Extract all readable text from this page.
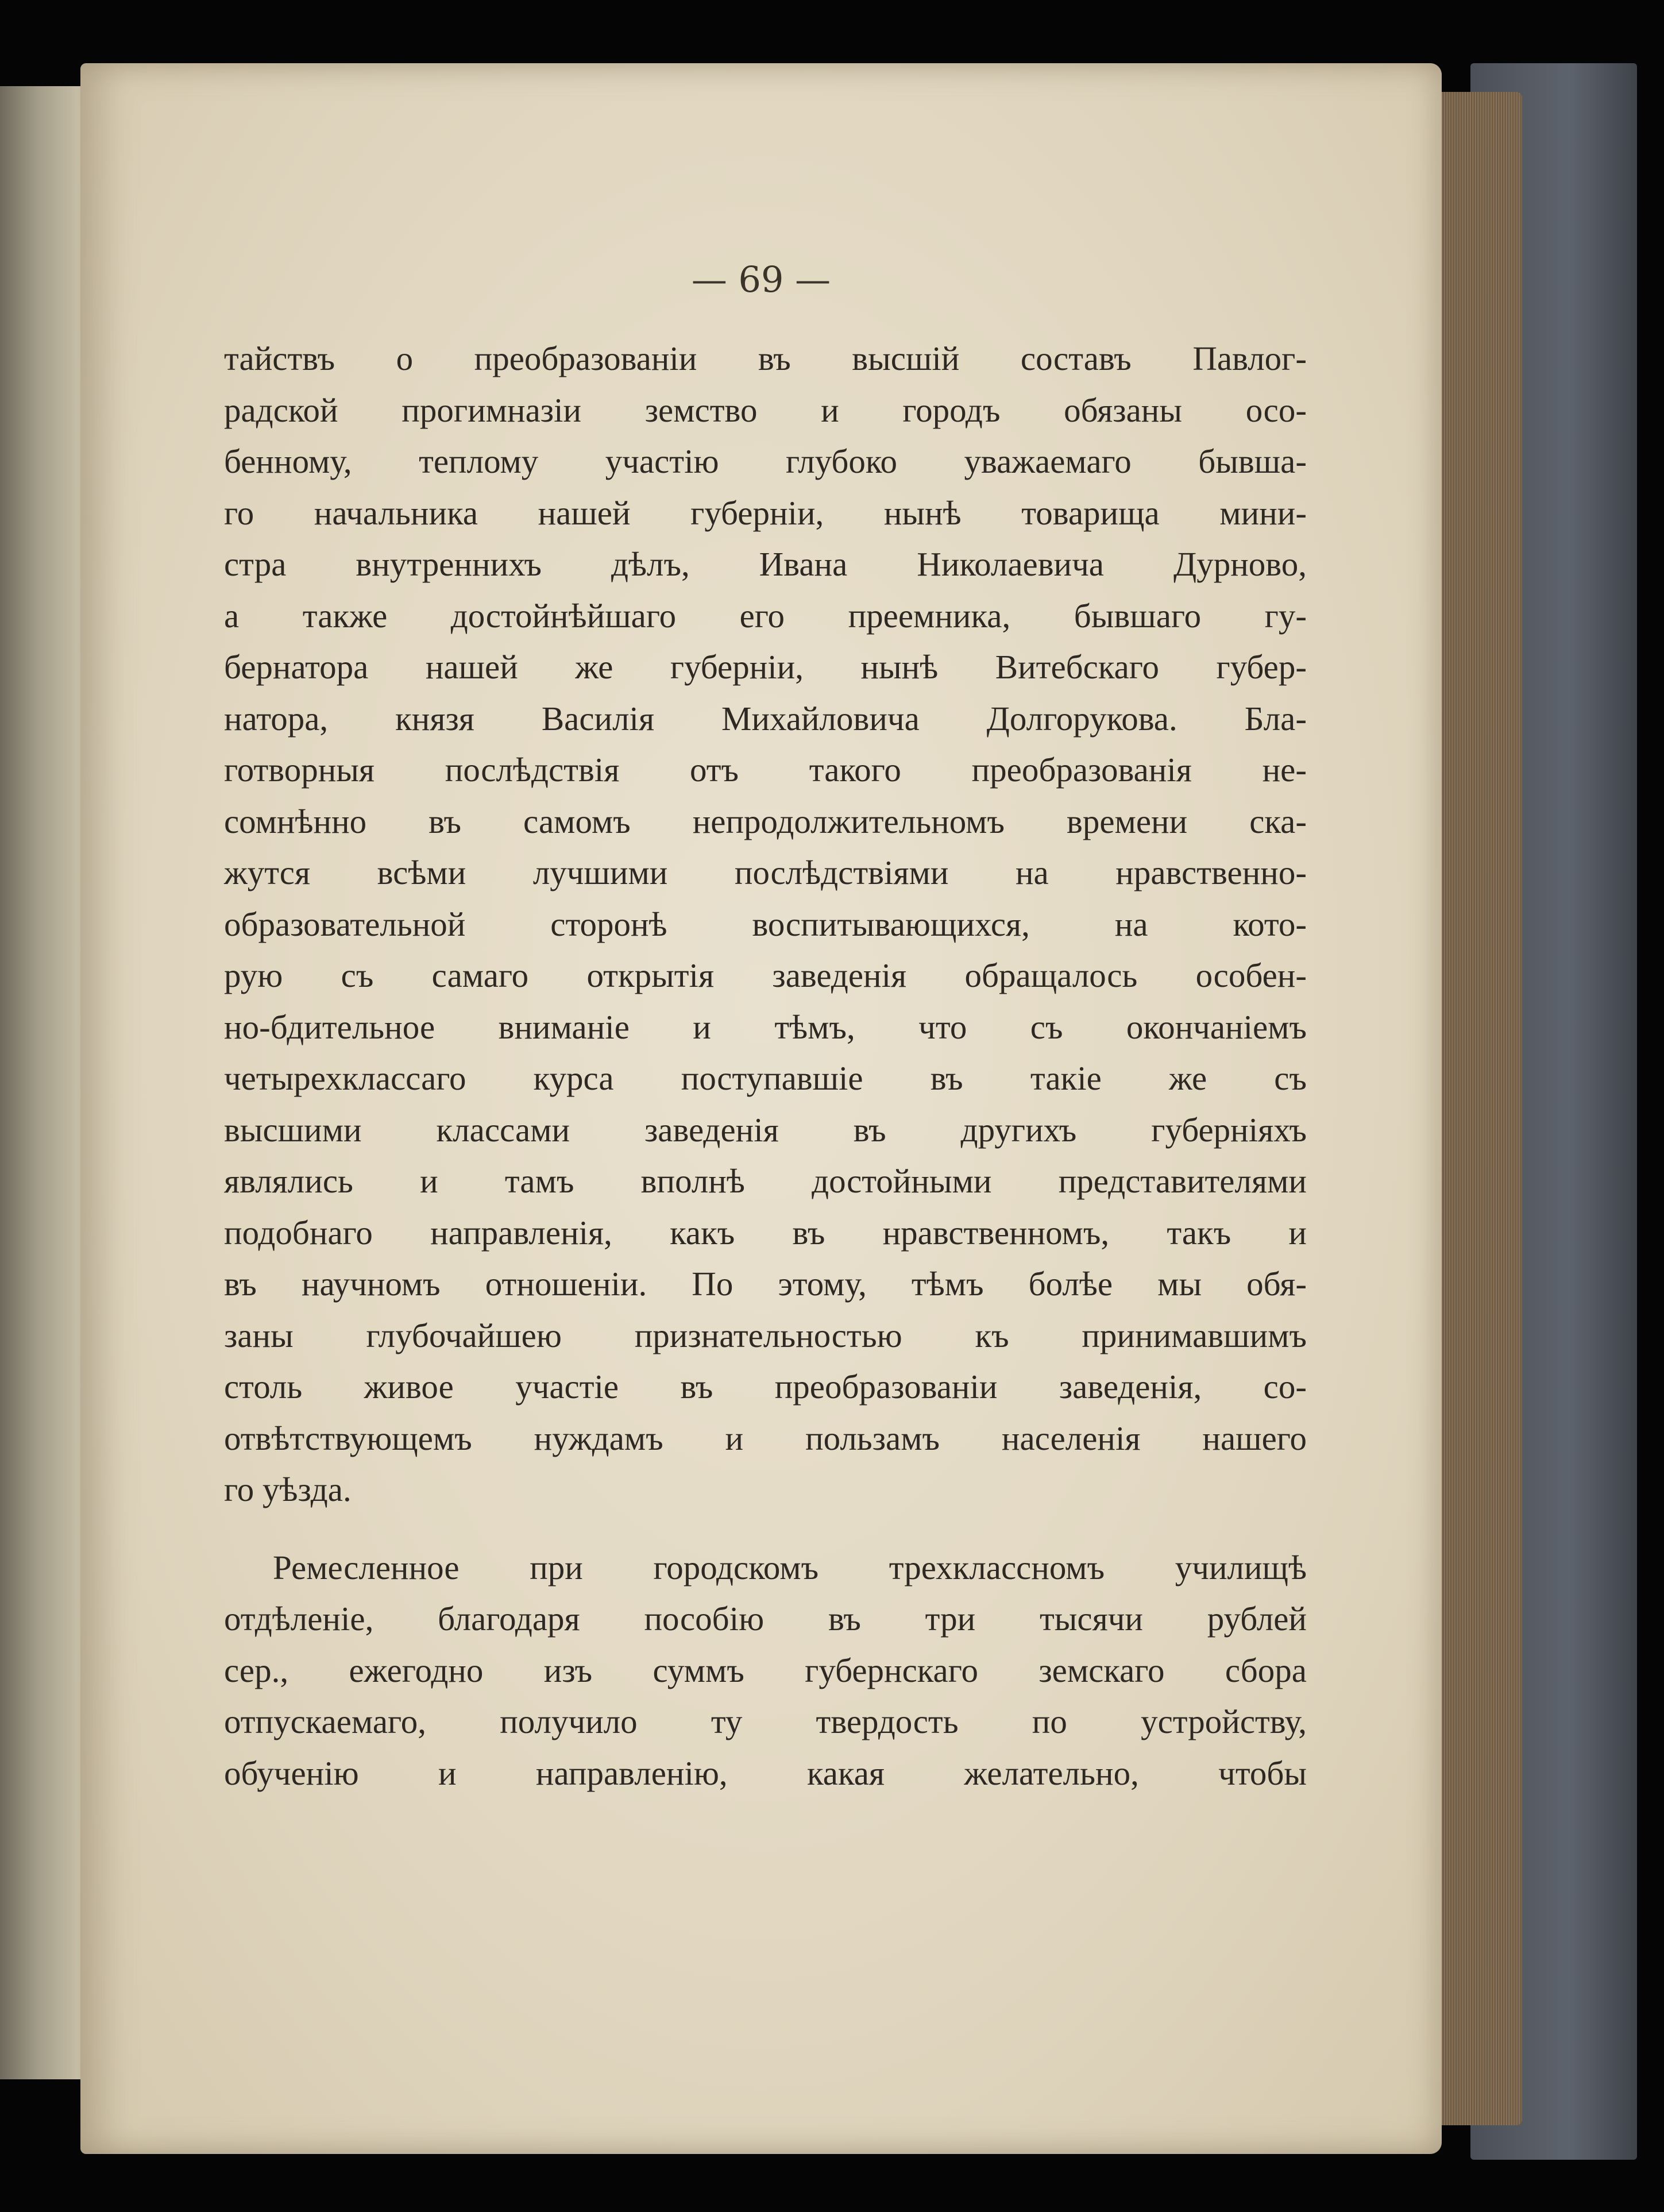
— 69 —
тайствъ о преобразованіи въ высшій составъ Павлог-
радской прогимназіи земство и городъ обязаны осо-
бенному, теплому участію глубоко уважаемаго бывша-
го начальника нашей губерніи, нынѣ товарища мини-
стра внутреннихъ дѣлъ, Ивана Николаевича Дурново,
а также достойнѣйшаго его преемника, бывшаго гу-
бернатора нашей же губерніи, нынѣ Витебскаго губер-
натора, князя Василія Михайловича Долгорукова. Бла-
готворныя послѣдствія отъ такого преобразованія не-
сомнѣнно въ самомъ непродолжительномъ времени ска-
жутся всѣми лучшими послѣдствіями на нравственно-
образовательной сторонѣ воспитывающихся, на кото-
рую съ самаго открытія заведенія обращалось особен-
но-бдительное вниманіе и тѣмъ, что съ окончаніемъ
четырехклассаго курса поступавшіе въ такіе же съ
высшими классами заведенія въ другихъ губерніяхъ
являлись и тамъ вполнѣ достойными представителями
подобнаго направленія, какъ въ нравственномъ, такъ и
въ научномъ отношеніи. По этому, тѣмъ болѣе мы обя-
заны глубочайшею признательностью къ принимавшимъ
столь живое участіе въ преобразованіи заведенія, со-
отвѣтствующемъ нуждамъ и пользамъ населенія нашего
го уѣзда.
Ремесленное при городскомъ трехклассномъ училищѣ
отдѣленіе, благодаря пособію въ три тысячи рублей
сер., ежегодно изъ суммъ губернскаго земскаго сбора
отпускаемаго, получило ту твердость по устройству,
обученію и направленію, какая желательно, чтобы
